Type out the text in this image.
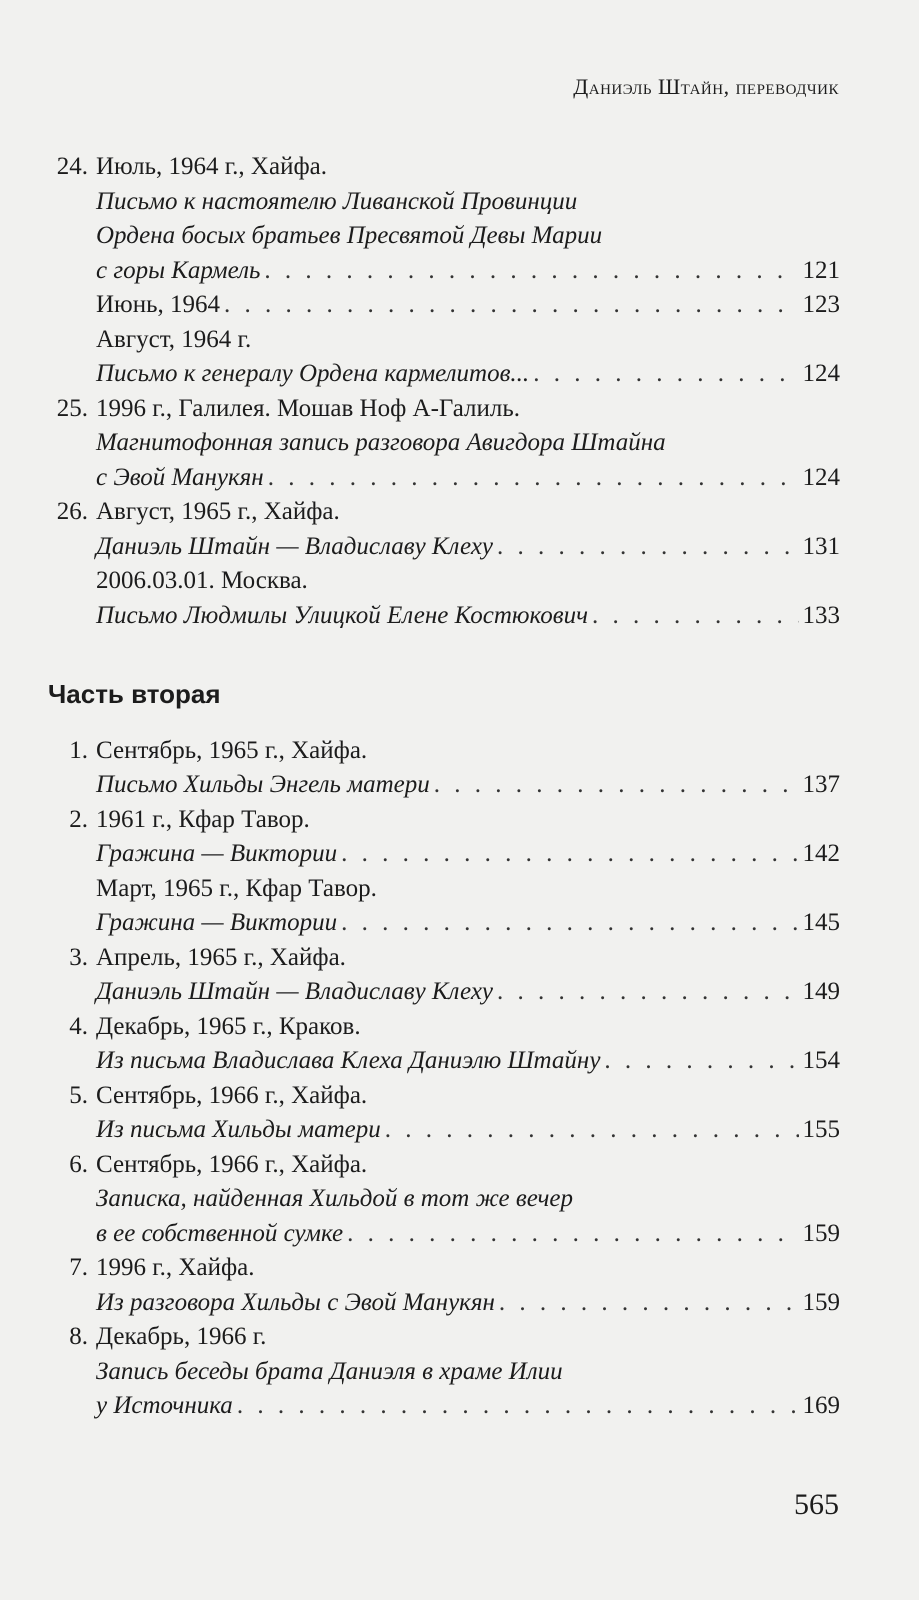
Даниэль Штайн, переводчик
24. Июль, 1964 г., Хайфа.
Письмо к настоятелю Ливанской Провинции
Ордена босых братьев Пресвятой Девы Марии
с горы Кармель . . .	121
Июнь, 1964 . . .	123
Август, 1964 г.
Письмо к генералу Ордена кармелитов... . . .	124
25. 1996 г., Галилея. Мошав Ноф А-Галиль.
Магнитофонная запись разговора Авигдора Штайна
с Эвой Манукян . . .	124
26. Август, 1965 г., Хайфа.
Даниэль Штайн — Владиславу Клеху . . .	131
2006.03.01. Москва.
Письмо Людмилы Улицкой Елене Костюкович . . .	133
Часть вторая
1. Сентябрь, 1965 г., Хайфа.
Письмо Хильды Энгель матери . . .	137
2. 1961 г., Кфар Тавор.
Гражина — Виктории . . .	142
Март, 1965 г., Кфар Тавор.
Гражина — Виктории . . .	145
3. Апрель, 1965 г., Хайфа.
Даниэль Штайн — Владиславу Клеху . . .	149
4. Декабрь, 1965 г., Краков.
Из письма Владислава Клеха Даниэлю Штайну . . .	154
5. Сентябрь, 1966 г., Хайфа.
Из письма Хильды матери . . .	155
6. Сентябрь, 1966 г., Хайфа.
Записка, найденная Хильдой в тот же вечер
в ее собственной сумке . . .	159
7. 1996 г., Хайфа.
Из разговора Хильды с Эвой Манукян . . .	159
8. Декабрь, 1966 г.
Запись беседы брата Даниэля в храме Илии
у Источника . . .	169
565
